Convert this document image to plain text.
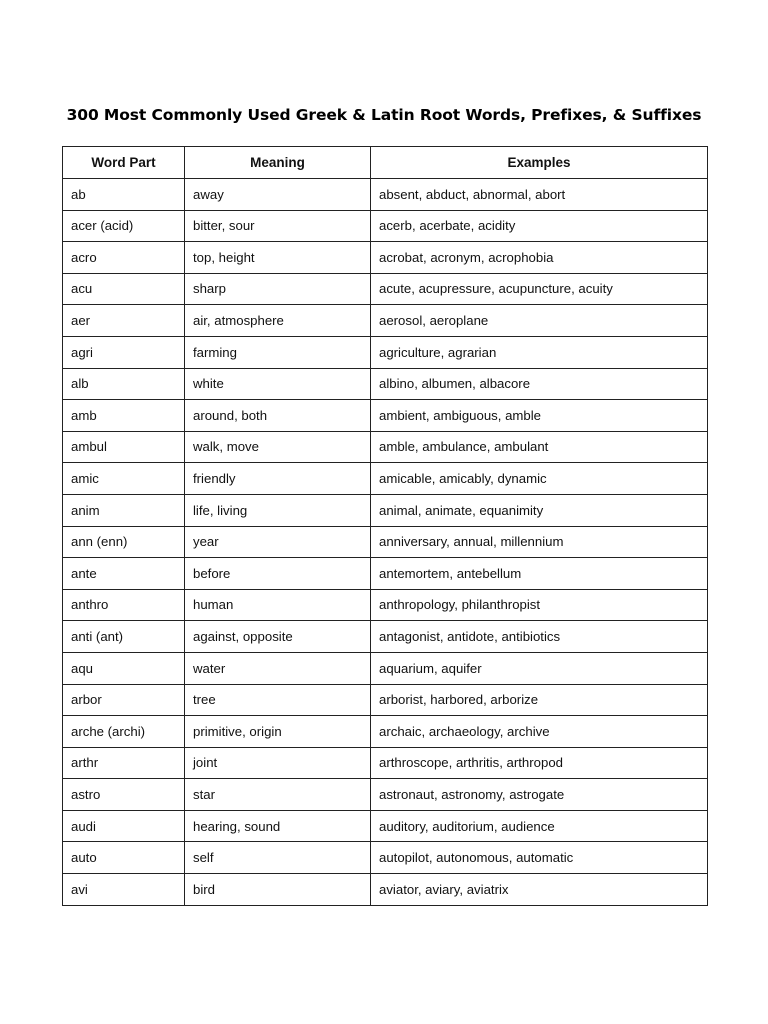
300 Most Commonly Used Greek & Latin Root Words, Prefixes, & Suffixes
Word Part	Meaning	Examples
ab	away	absent, abduct, abnormal, abort
acer (acid)	bitter, sour	acerb, acerbate, acidity
acro	top, height	acrobat, acronym, acrophobia
acu	sharp	acute, acupressure, acupuncture, acuity
aer	air, atmosphere	aerosol, aeroplane
agri	farming	agriculture, agrarian
alb	white	albino, albumen, albacore
amb	around, both	ambient, ambiguous, amble
ambul	walk, move	amble, ambulance, ambulant
amic	friendly	amicable, amicably, dynamic
anim	life, living	animal, animate, equanimity
ann (enn)	year	anniversary, annual, millennium
ante	before	antemortem, antebellum
anthro	human	anthropology, philanthropist
anti (ant)	against, opposite	antagonist, antidote, antibiotics
aqu	water	aquarium, aquifer
arbor	tree	arborist, harbored, arborize
arche (archi)	primitive, origin	archaic, archaeology, archive
arthr	joint	arthroscope, arthritis, arthropod
astro	star	astronaut, astronomy, astrogate
audi	hearing, sound	auditory, auditorium, audience
auto	self	autopilot, autonomous, automatic
avi	bird	aviator, aviary, aviatrix
